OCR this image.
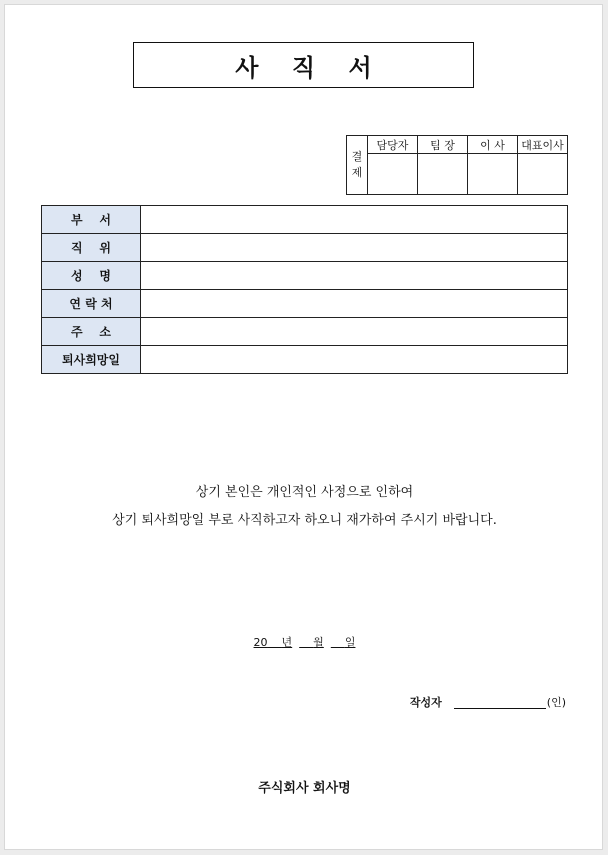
사    직    서
결
제	담당자	팀 장	이 사	대표이사

부    서	
직    위	
성    명	
연 락 처	
주    소	
퇴사희망일	
상기 본인은 개인적인 사정으로 인하여
상기 퇴사희망일 부로 사직하고자 하오니 재가하여 주시기 바랍니다.
20 년 월 일
작성자	(인)
주식회사 회사명
